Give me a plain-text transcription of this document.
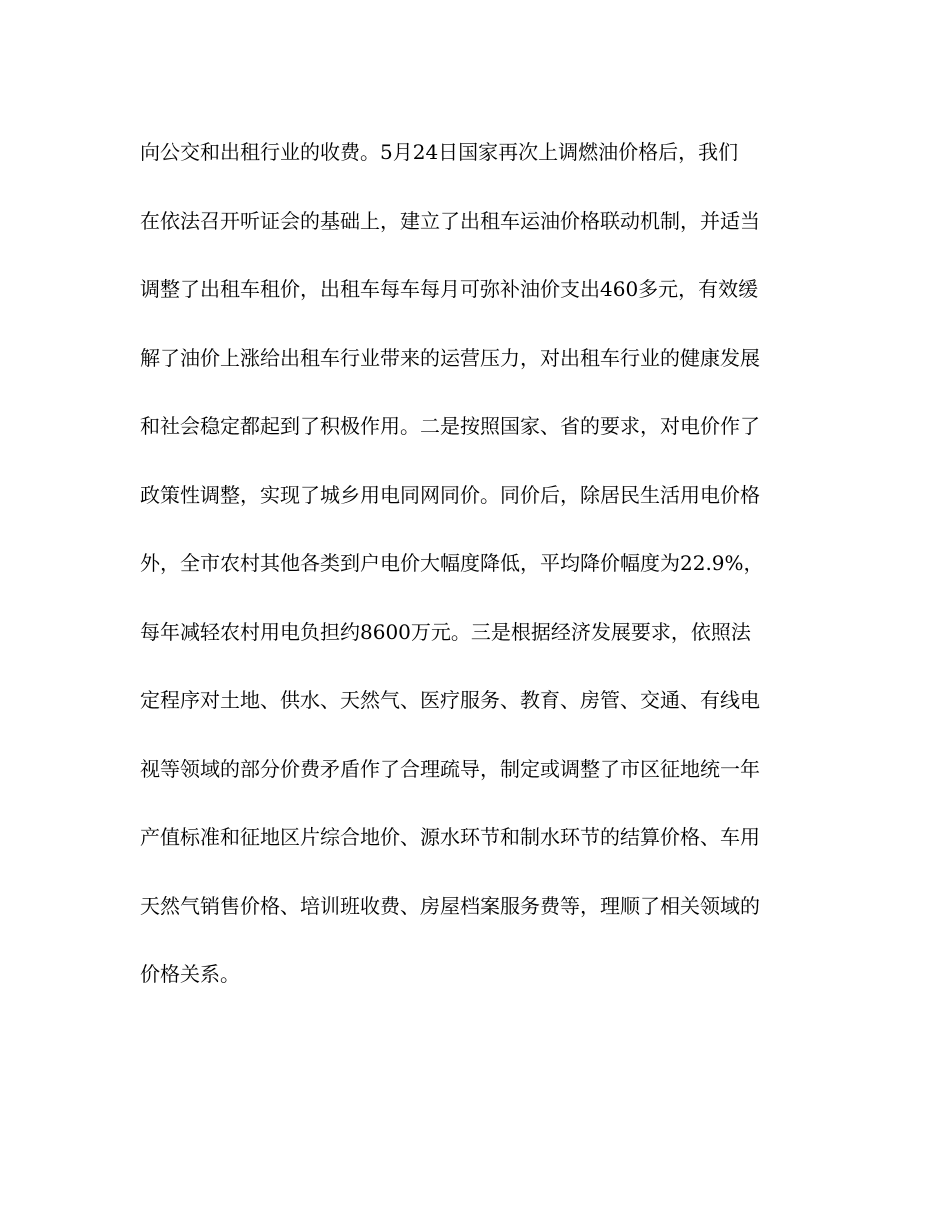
向公交和出租行业的收费。5月24日国家再次上调燃油价格后，我们
在依法召开听证会的基础上，建立了出租车运油价格联动机制，并适当
调整了出租车租价，出租车每车每月可弥补油价支出460多元，有效缓
解了油价上涨给出租车行业带来的运营压力，对出租车行业的健康发展
和社会稳定都起到了积极作用。二是按照国家、省的要求，对电价作了
政策性调整，实现了城乡用电同网同价。同价后，除居民生活用电价格
外，全市农村其他各类到户电价大幅度降低，平均降价幅度为22.9%，
每年减轻农村用电负担约8600万元。三是根据经济发展要求，依照法
定程序对土地、供水、天然气、医疗服务、教育、房管、交通、有线电
视等领域的部分价费矛盾作了合理疏导，制定或调整了市区征地统一年
产值标准和征地区片综合地价、源水环节和制水环节的结算价格、车用
天然气销售价格、培训班收费、房屋档案服务费等，理顺了相关领域的
价格关系。
